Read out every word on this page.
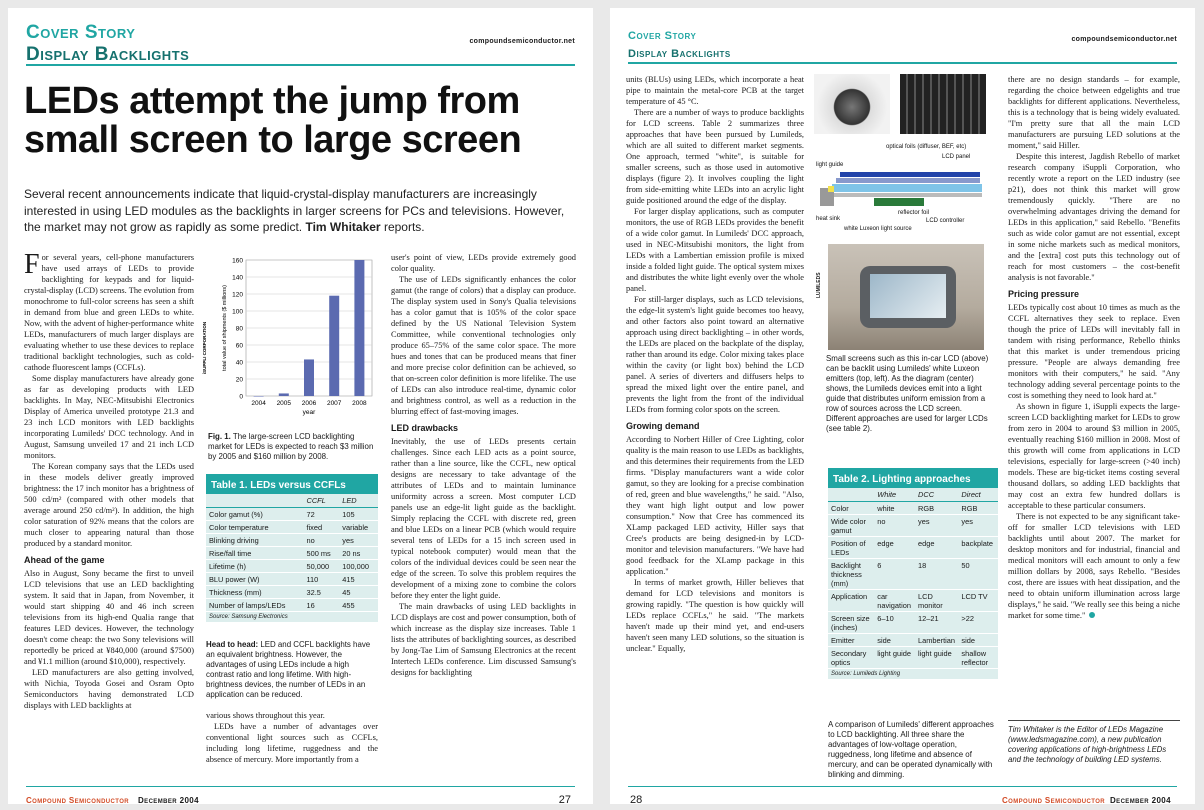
Cover Story
Display Backlights
compoundsemiconductor.net
LEDs attempt the jump from small screen to large screen

Several recent announcements indicate that liquid-crystal-display manufacturers are increasingly interested in using LED modules as the backlights in larger screens for PCs and televisions. However, the market may not grow as rapidly as some predict. Tim Whitaker reports.

For several years, cell-phone manufacturers have used arrays of LEDs to provide backlighting for keypads and for liquid-crystal-display (LCD) screens. The evolution from monochrome to full-color screens has seen a shift in demand from blue and green LEDs to white. Now, with the advent of higher-performance white LEDs, manufacturers of much larger displays are evaluating whether to use these devices to replace traditional backlight technologies, such as cold-cathode fluorescent lamps (CCFLs).

Some display manufacturers have already gone as far as developing products with LED backlights. In May, NEC-Mitsubishi Electronics Display of America unveiled prototype 21.3 and 23 inch LCD monitors with LED backlights incorporating Lumileds' DCC technology. And in August, Samsung unveiled 17 and 21 inch LCD monitors.

The Korean company says that the LEDs used in these models deliver greatly improved brightness: the 17 inch monitor has a brightness of 500 cd/m² (compared with other models that average around 250 cd/m²). In addition, the high color saturation of 92% means that the colors are much closer to appearing natural than those produced by a standard monitor.

Ahead of the game

Also in August, Sony became the first to unveil LCD televisions that use an LED backlighting system. It said that in Japan, from November, it would start shipping 40 and 46 inch screen televisions from its high-end Qualia range that features LED devices. However, the technology doesn't come cheap: the two Sony televisions will reportedly be priced at ¥840,000 (around $7500) and ¥1.1 million (around $10,000), respectively.

LED manufacturers are also getting involved, with Nichia, Toyoda Gosei and Osram Opto Semiconductors having demonstrated LCD displays with LED backlights at

0
20
40
60
80
100
120
140
160
2004 2005 2006 2007 2008
year
total value of shipments ($ millions)
iSUPPLI CORPORATION
Fig. 1. The large-screen LCD backlighting market for LEDs is expected to reach $3 million by 2005 and $160 million by 2008.
Table 1. LEDs versus CCFLs
	CCFL	LED
Color gamut (%)	72	105
Color temperature	fixed	variable
Blinking driving	no	yes
Rise/fall time	500 ms	20 ns
Lifetime (h)	50,000	100,000
BLU power (W)	110	415
Thickness (mm)	32.5	45
Number of lamps/LEDs	16	455
Source: Samsung Electronics
Head to head: LED and CCFL backlights have an equivalent brightness. However, the advantages of using LEDs include a high contrast ratio and long lifetime. With high-brightness devices, the number of LEDs in an application can be reduced.

various shows throughout this year.

LEDs have a number of advantages over conventional light sources such as CCFLs, including long lifetime, ruggedness and the absence of mercury. More importantly from a

user's point of view, LEDs provide extremely good color quality.

The use of LEDs significantly enhances the color gamut (the range of colors) that a display can produce. The display system used in Sony's Qualia televisions has a color gamut that is 105% of the color space defined by the US National Television System Committee, while conventional technologies only produce 65–75% of the same color space. The more hues and tones that can be produced means that finer and more precise color definition can be achieved, so that on-screen color definition is more lifelike. The use of LEDs can also introduce real-time, dynamic color and brightness control, as well as a reduction in the blurring effect of fast-moving images.

LED drawbacks

Inevitably, the use of LEDs presents certain challenges. Since each LED acts as a point source, rather than a line source, like the CCFL, new optical designs are necessary to take advantage of the attributes of LEDs and to maintain luminance uniformity across a screen. Most computer LCD panels use an edge-lit light guide as the backlight. Simply replacing the CCFL with discrete red, green and blue LEDs on a linear PCB (which would require several tens of LEDs for a 15 inch screen used in typical notebook computer) would mean that the colors of the individual devices could be seen near the edge of the screen. To solve this problem requires the development of a mixing zone to combine the colors before they enter the light guide.

The main drawbacks of using LED backlights in LCD displays are cost and power consumption, both of which increase as the display size increases. Table 1 lists the attributes of backlighting sources, as described by Jong-Tae Lim of Samsung Electronics at the recent Intertech LEDs conference. Lim discussed Samsung's designs for backlighting

Compound Semiconductor December 2004	27
Cover Story
Display Backlights
compoundsemiconductor.net

units (BLUs) using LEDs, which incorporate a heat pipe to maintain the metal-core PCB at the target temperature of 45 °C.

There are a number of ways to produce backlights for LCD screens. Table 2 summarizes three approaches that have been pursued by Lumileds, which are all suited to different market segments. One approach, termed "white", is suitable for smaller screens, such as those used in automotive displays (figure 2). It involves coupling the light from side-emitting white LEDs into an acrylic light guide positioned around the edge of the display.

For larger display applications, such as computer monitors, the use of RGB LEDs provides the benefit of a wide color gamut. In Lumileds' DCC approach, used in NEC-Mitsubishi monitors, the light from LEDs with a Lambertian emission profile is mixed inside a folded light guide. The optical system mixes and distributes the white light evenly over the whole panel.

For still-larger displays, such as LCD televisions, the edge-lit system's light guide becomes too heavy, and other factors also point toward an alternative approach using direct backlighting – in other words, the LEDs are placed on the backplate of the display, rather than around its edge. Color mixing takes place within the cavity (or light box) behind the LCD panel. A series of diverters and diffusers helps to spread the mixed light over the entire panel, and prevents the light from the front of the individual LEDs from forming color spots on the screen.

Growing demand

According to Norbert Hiller of Cree Lighting, color quality is the main reason to use LEDs as backlights, and this determines their requirements from the LED firms. "Display manufacturers want a wide color gamut, so they are looking for a precise combination of red, green and blue wavelengths," he said. "Also, they want high light output and low power consumption." Now that Cree has commenced its XLamp packaged LED activity, Hiller says that Cree's products are being designed-in by LCD-monitor and television manufacturers. "We have had good feedback for the XLamp package in this application."

In terms of market growth, Hiller believes that demand for LCD televisions and monitors is growing rapidly. "The question is how quickly will LEDs replace CCFLs," he said. "The markets haven't made up their mind yet, and end-users haven't seen many LED solutions, so the situation is unclear." Equally,

optical foils (diffuser, BEF, etc)
LCD panel
light guide
reflector foil
heat sink
white Luxeon light source
LCD controller
LUMILEDS
Small screens such as this in-car LCD (above) can be backlit using Lumileds' white Luxeon emitters (top, left). As the diagram (center) shows, the Lumileds devices emit into a light guide that distributes uniform emission from a row of sources across the LCD screen. Different approaches are used for larger LCDs (see table 2).
Table 2. Lighting approaches
	White	DCC	Direct
Color	white	RGB	RGB
Wide color gamut	no	yes	yes
Position of LEDs	edge	edge	backplate
Backlight thickness (mm)	6	18	50
Application	car navigation	LCD monitor	LCD TV
Screen size (inches)	6–10	12–21	>22
Emitter	side	Lambertian	side
Secondary optics	light guide	light guide	shallow reflector
Source: Lumileds Lighting
A comparison of Lumileds' different approaches to LCD backlighting. All three share the advantages of low-voltage operation, ruggedness, long lifetime and absence of mercury, and can be operated dynamically with blinking and dimming.

there are no design standards – for example, regarding the choice between edgelights and true backlights for different applications. Nevertheless, this is a technology that is being widely evaluated. "I'm pretty sure that all the main LCD manufacturers are pursuing LED solutions at the moment," said Hiller.

Despite this interest, Jagdish Rebello of market research company iSuppli Corporation, who recently wrote a report on the LED industry (see p21), does not think this market will grow tremendously quickly. "There are no overwhelming advantages driving the demand for LEDs in this application," said Rebello. "Benefits such as wide color gamut are not essential, except in some niche markets such as medical monitors, and the [extra] cost puts this technology out of reach for most customers – the cost-benefit analysis is not favorable."

Pricing pressure

LEDs typically cost about 10 times as much as the CCFL alternatives they seek to replace. Even though the price of LEDs will inevitably fall in tandem with rising performance, Rebello thinks that this market is under tremendous pricing pressure. "People are always demanding free monitors with their computers," he said. "Any technology adding several percentage points to the cost is something they need to look hard at."

As shown in figure 1, iSuppli expects the large-screen LCD backlighting market for LEDs to grow from zero in 2004 to around $3 million in 2005, eventually reaching $160 million in 2008. Most of this growth will come from applications in LCD televisions, especially for large-screen (>40 inch) models. These are big-ticket items costing several thousand dollars, so adding LED backlights that may cost an extra few hundred dollars is acceptable to these particular consumers.

There is not expected to be any significant take-off for smaller LCD televisions with LED backlights until about 2007. The market for desktop monitors and for industrial, financial and medical monitors will each amount to only a few million dollars by 2008, says Rebello. "Besides cost, there are issues with heat dissipation, and the need to obtain uniform illumination across large displays," he said. "We really see this being a niche market for some time."

Tim Whitaker is the Editor of LEDs Magazine (www.ledsmagazine.com), a new publication covering applications of high-brightness LEDs and the technology of building LED systems.
28	Compound Semiconductor December 2004
